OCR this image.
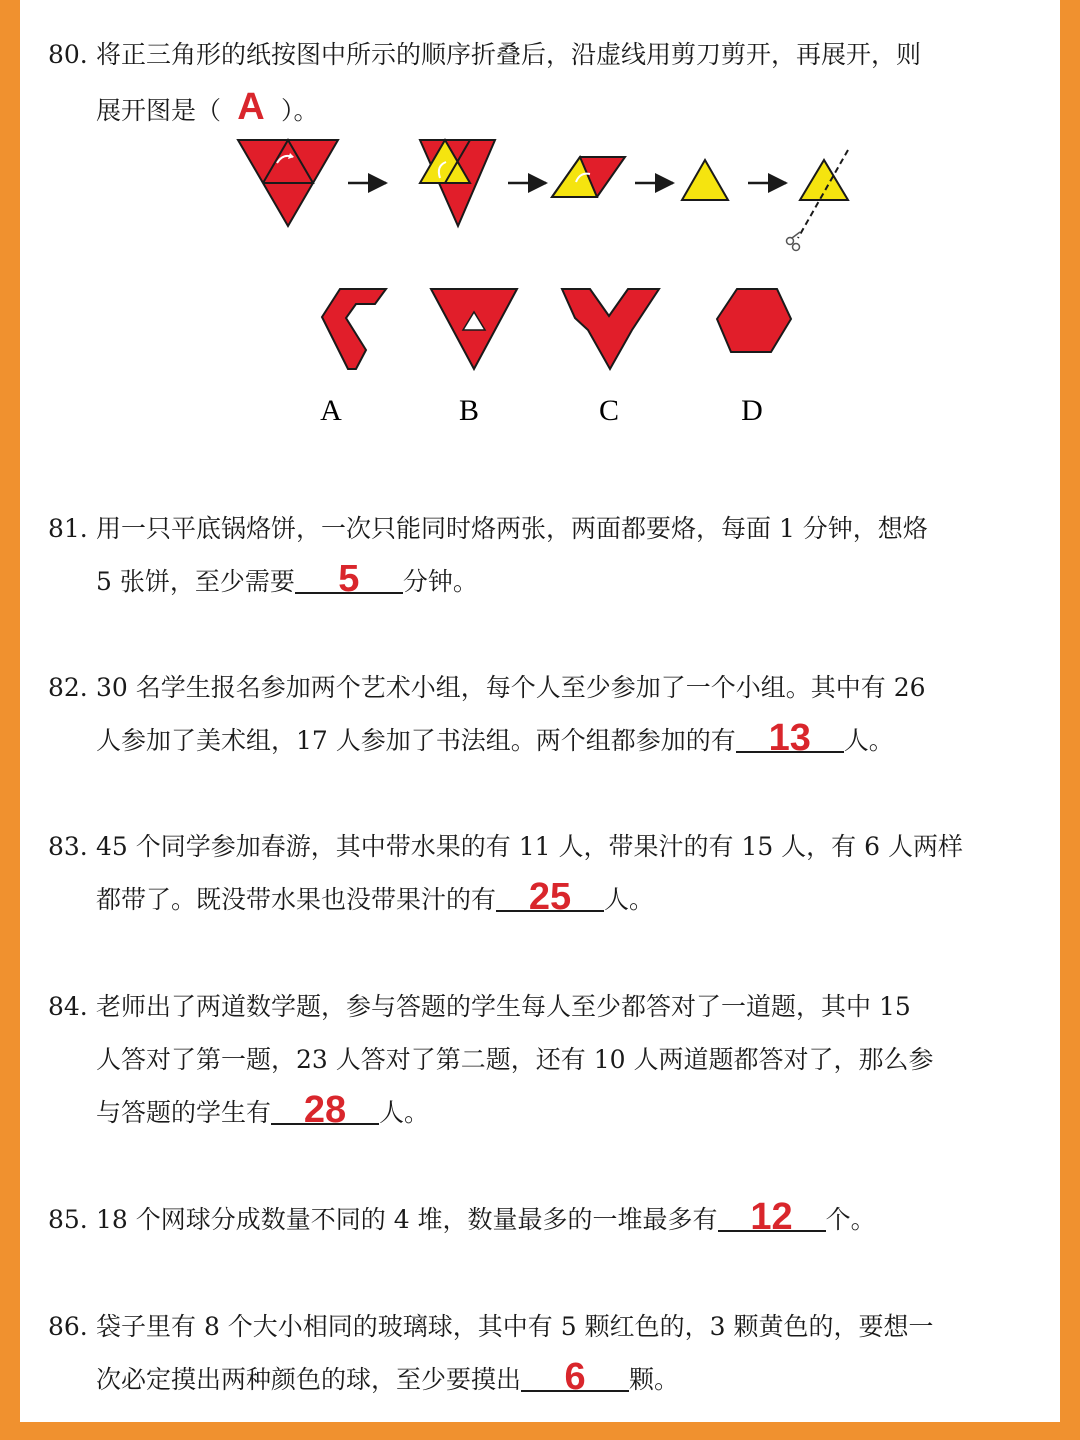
80. 将正三角形的纸按图中所示的顺序折叠后，沿虚线用剪刀剪开，再展开，则
展开图是（ A ）。
A	B	C	D
81. 用一只平底锅烙饼，一次只能同时烙两张，两面都要烙，每面 1 分钟，想烙
5 张饼，至少需要	5	分钟。
82. 30 名学生报名参加两个艺术小组，每个人至少参加了一个小组。其中有 26
人参加了美术组，17 人参加了书法组。两个组都参加的有 13	人。
83. 45 个同学参加春游，其中带水果的有 11 人，带果汁的有 15 人，有 6 人两样
都带了。既没带水果也没带果汁的有 25	人。
84. 老师出了两道数学题，参与答题的学生每人至少都答对了一道题，其中 15
人答对了第一题，23 人答对了第二题，还有 10 人两道题都答对了，那么参
与答题的学生有 28	人。
85. 18 个网球分成数量不同的 4 堆，数量最多的一堆最多有 12	个。
86. 袋子里有 8 个大小相同的玻璃球，其中有 5 颗红色的，3 颗黄色的，要想一
次必定摸出两种颜色的球，至少要摸出	6	颗。
